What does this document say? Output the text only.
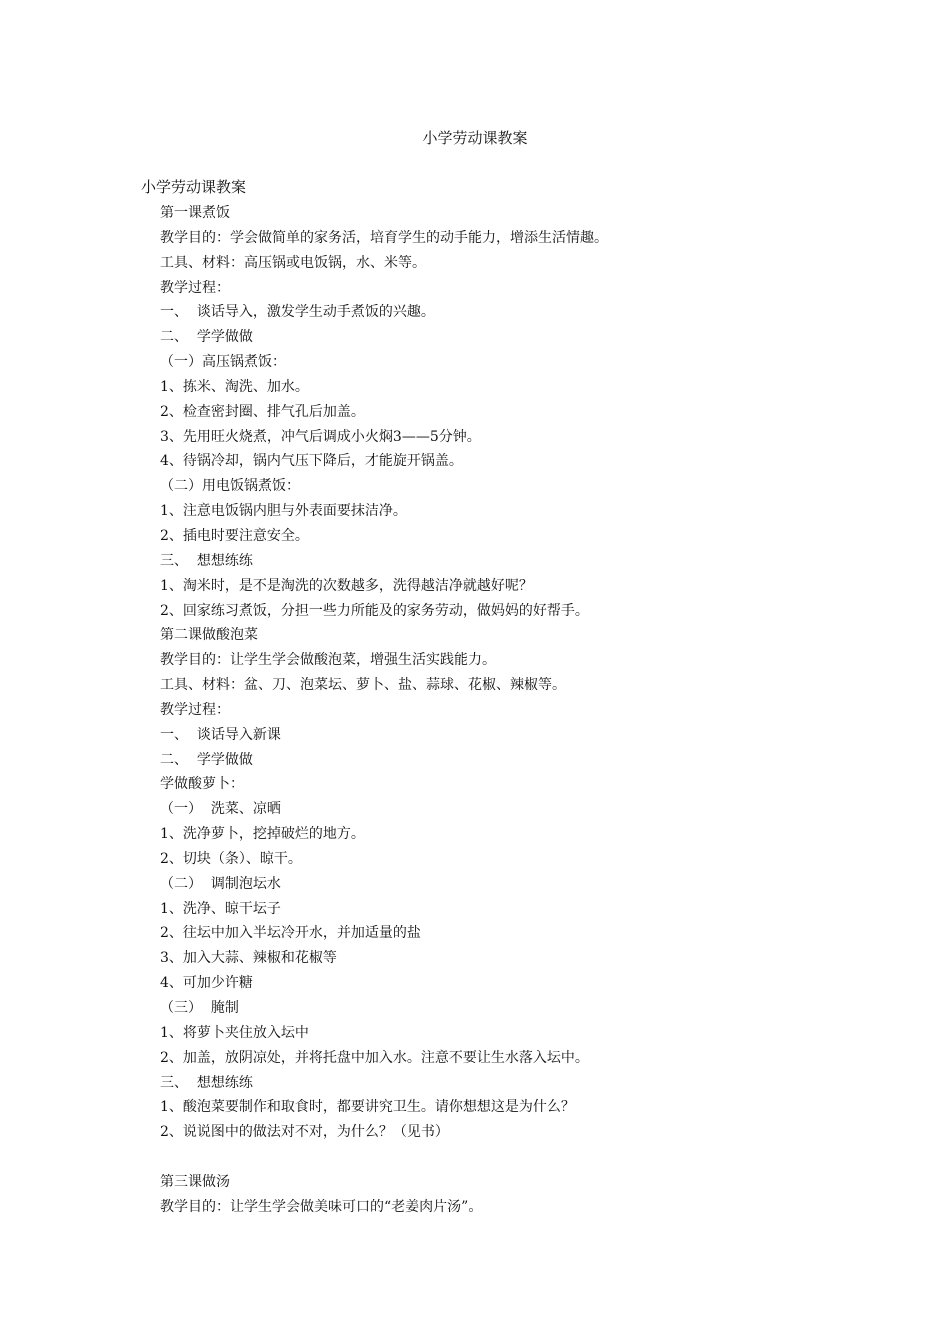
小学劳动课教案
小学劳动课教案
第一课煮饭
教学目的：学会做简单的家务活，培育学生的动手能力，增添生活情趣。
工具、材料：高压锅或电饭锅，水、米等。
教学过程：
一、  谈话导入，激发学生动手煮饭的兴趣。
二、  学学做做
（一）高压锅煮饭：
1、拣米、淘洗、加水。
2、检查密封圈、排气孔后加盖。
3、先用旺火烧煮，冲气后调成小火焖3——5分钟。
4、待锅冷却，锅内气压下降后，才能旋开锅盖。
（二）用电饭锅煮饭：
1、注意电饭锅内胆与外表面要抹洁净。
2、插电时要注意安全。
三、  想想练练
1、淘米时，是不是淘洗的次数越多，洗得越洁净就越好呢？
2、回家练习煮饭，分担一些力所能及的家务劳动，做妈妈的好帮手。
第二课做酸泡菜
教学目的：让学生学会做酸泡菜，增强生活实践能力。
工具、材料：盆、刀、泡菜坛、萝卜、盐、蒜球、花椒、辣椒等。
教学过程：
一、  谈话导入新课
二、  学学做做
学做酸萝卜：
（一）  洗菜、凉晒
1、洗净萝卜，挖掉破烂的地方。
2、切块（条）、晾干。
（二）  调制泡坛水
1、洗净、晾干坛子
2、往坛中加入半坛冷开水，并加适量的盐
3、加入大蒜、辣椒和花椒等
4、可加少许糖
（三）  腌制
1、将萝卜夹住放入坛中
2、加盖，放阴凉处，并将托盘中加入水。注意不要让生水落入坛中。
三、  想想练练
1、酸泡菜要制作和取食时，都要讲究卫生。请你想想这是为什么？
2、说说图中的做法对不对，为什么？（见书）
第三课做汤
教学目的：让学生学会做美味可口的“老姜肉片汤”。
